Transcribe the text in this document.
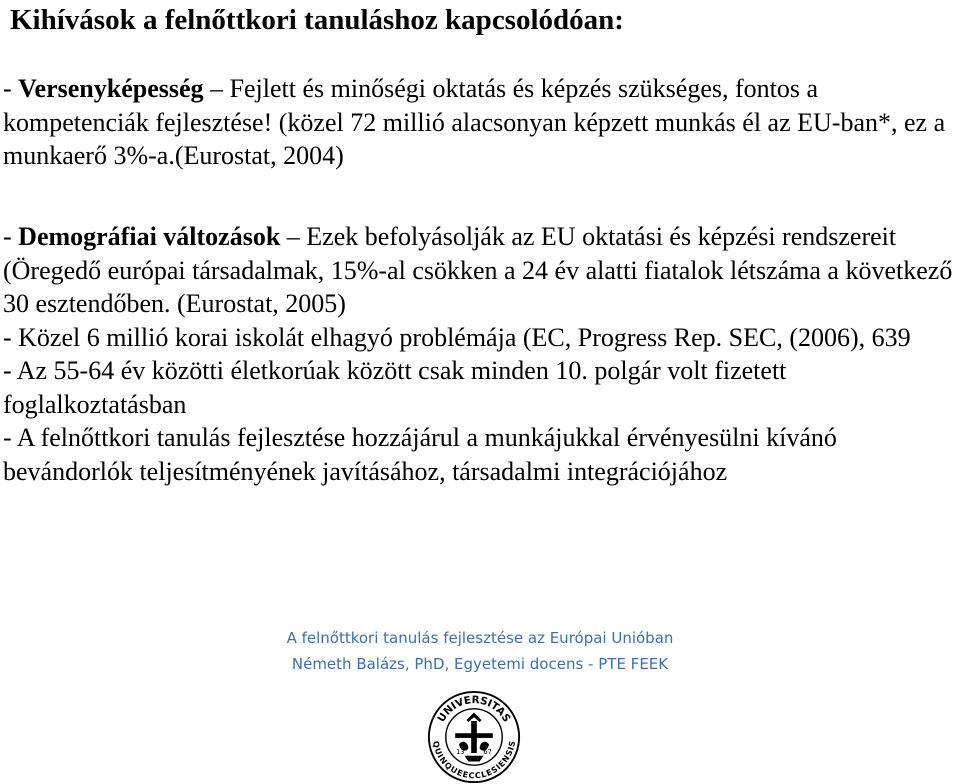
Kihívások a felnőttkori tanuláshoz kapcsolódóan:
- Versenyképesség – Fejlett és minőségi oktatás és képzés szükséges, fontos a kompetenciák fejlesztése! (közel 72 millió alacsonyan képzett munkás él az EU-ban*, ez a munkaerő 3%-a.(Eurostat, 2004)

- Demográfiai változások – Ezek befolyásolják az EU oktatási és képzési rendszereit (Öregedő európai társadalmak, 15%-al csökken a 24 év alatti fiatalok létszáma a következő 30 esztendőben. (Eurostat, 2005)

- Közel 6 millió korai iskolát elhagyó problémája (EC, Progress Rep. SEC, (2006), 639

- Az 55-64 év közötti életkorúak között csak minden 10. polgár volt fizetett foglalkoztatásban

- A felnőttkori tanulás fejlesztése hozzájárul a munkájukkal érvényesülni kívánó bevándorlók teljesítményének javításához, társadalmi integrációjához

A felnőttkori tanulás fejlesztése az Európai Unióban
Németh Balázs, PhD, Egyetemi docens - PTE FEEK
UNIVERSITAS
QUINQUEECCLESIENSIS
13	67
